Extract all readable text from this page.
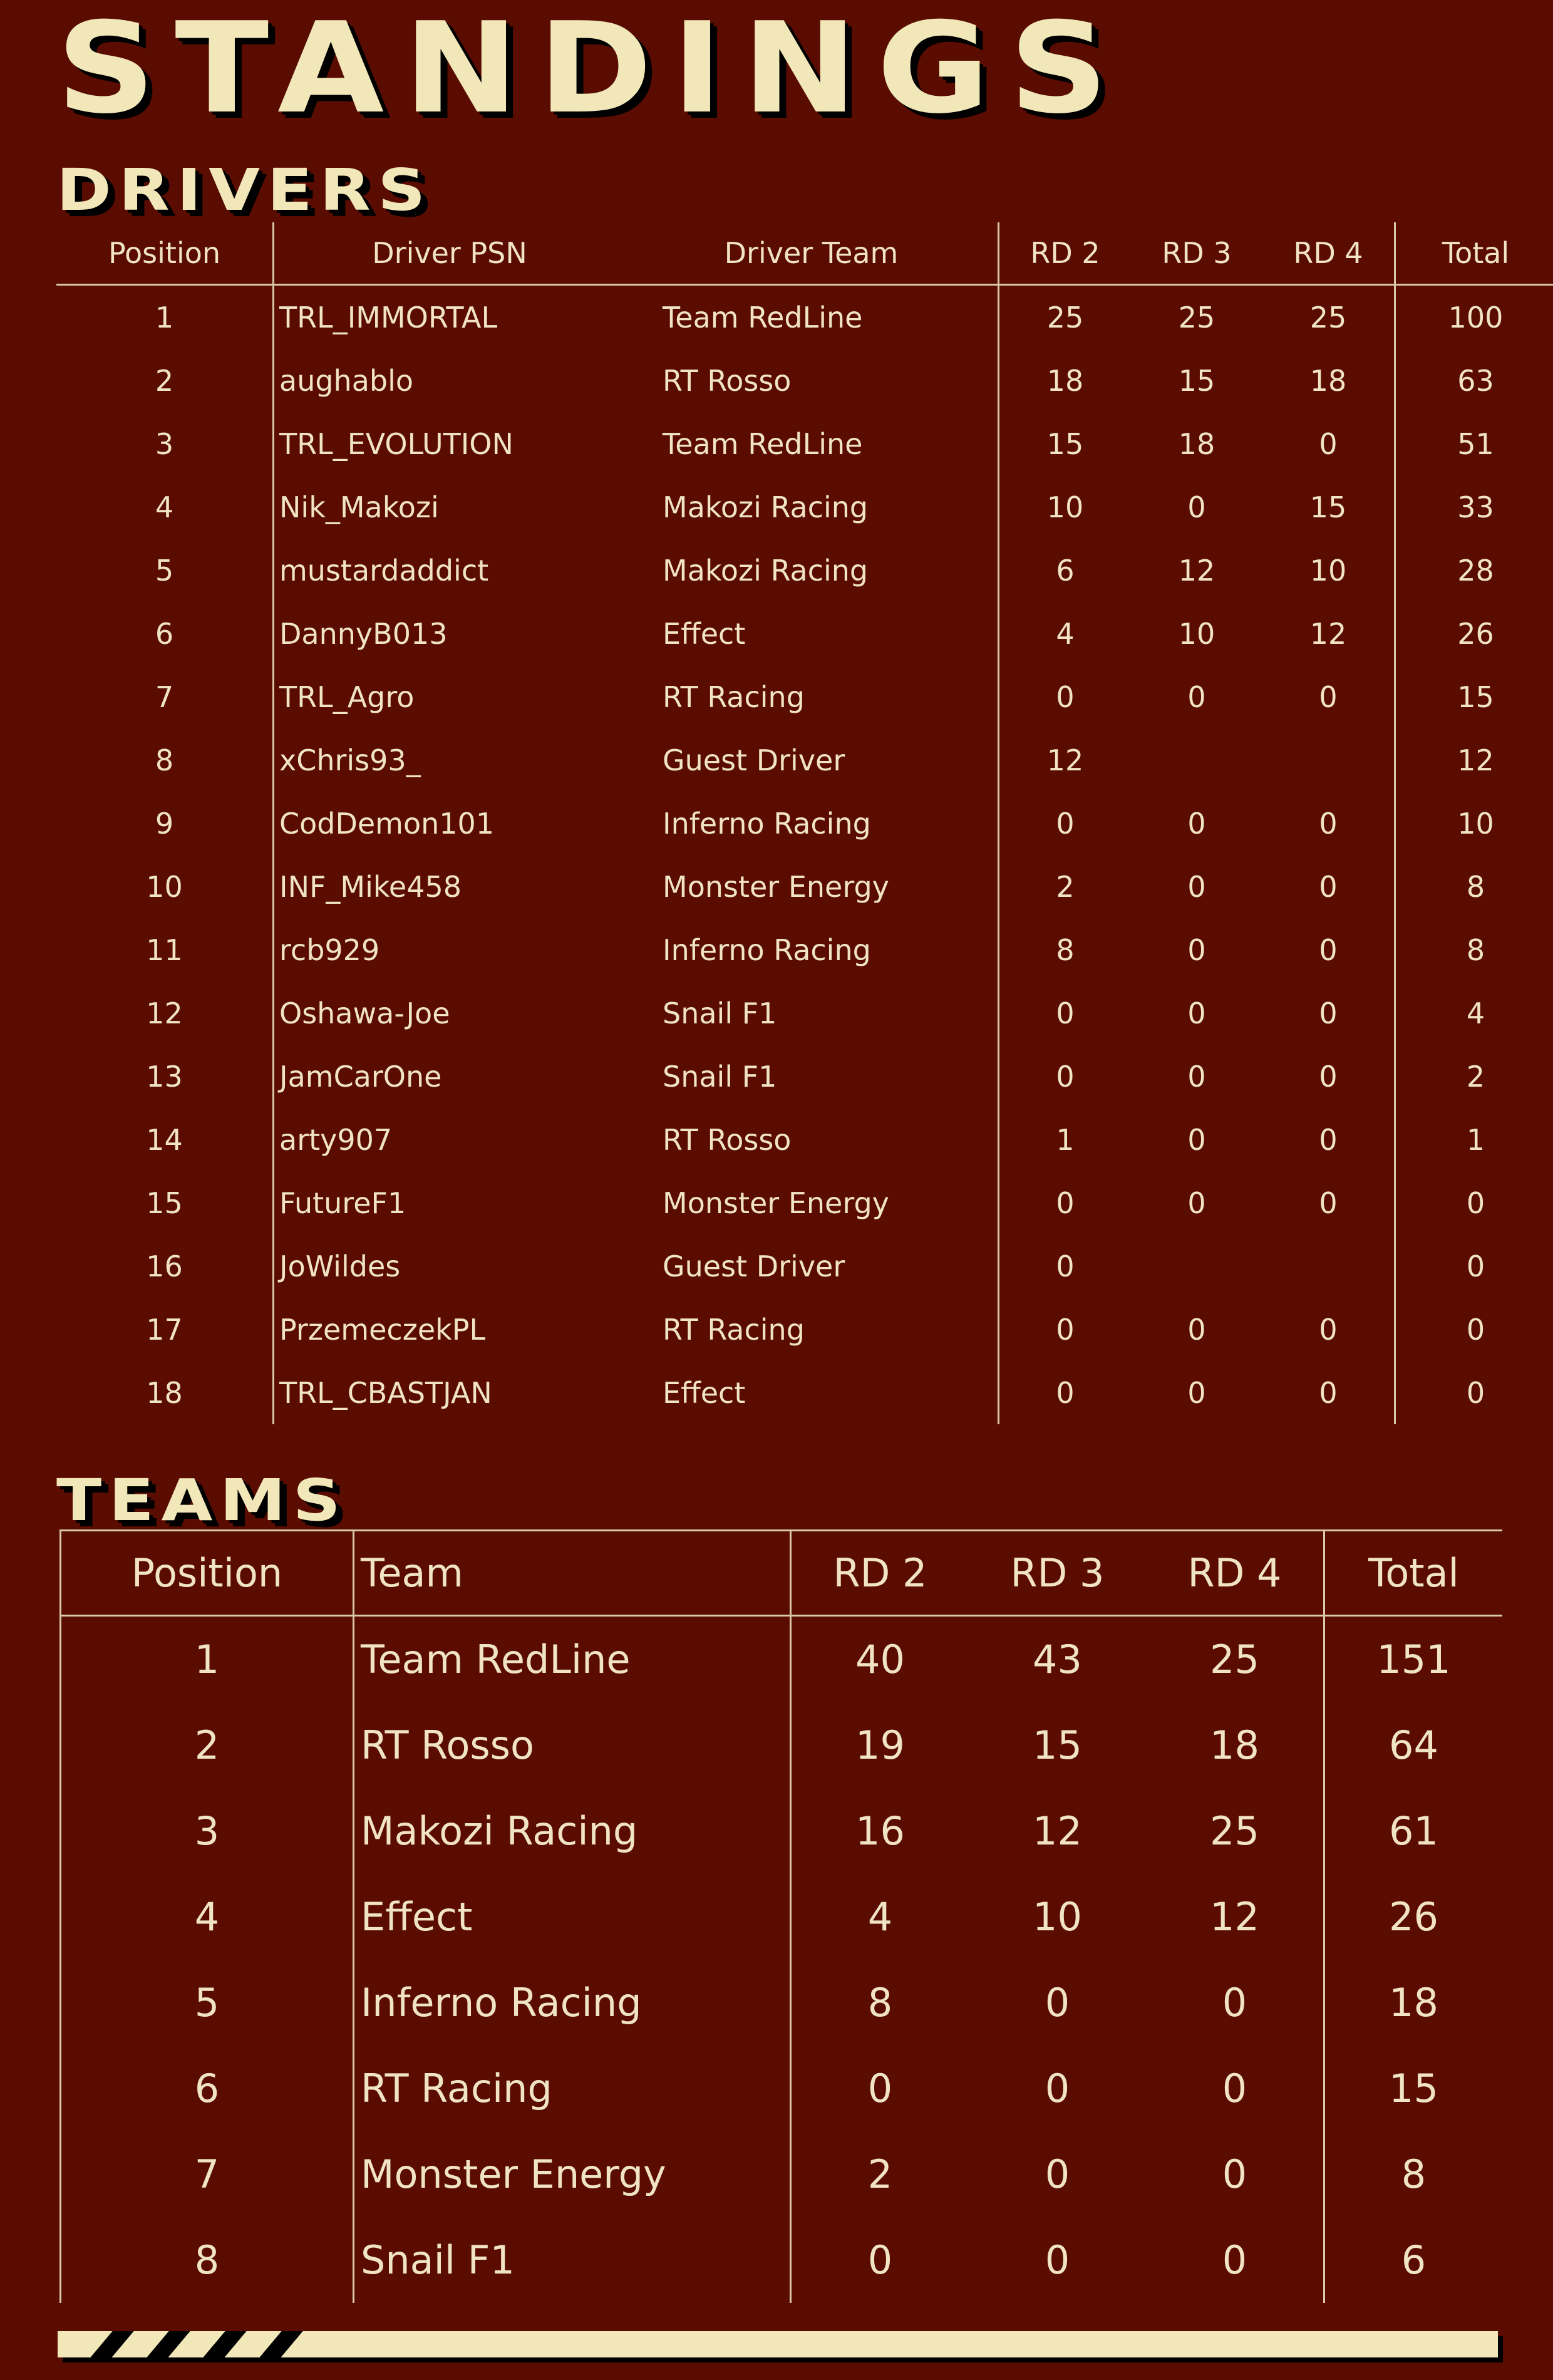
STANDINGS
DRIVERS
Position	Driver PSN	Driver Team	RD 2	RD 3	RD 4	Total
1	TRL_IMMORTAL	Team RedLine	25	25	25	100
2	aughablo	RT Rosso	18	15	18	63
3	TRL_EVOLUTION	Team RedLine	15	18	0	51
4	Nik_Makozi	Makozi Racing	10	0	15	33
5	mustardaddict	Makozi Racing	6	12	10	28
6	DannyB013	Effect	4	10	12	26
7	TRL_Agro	RT Racing	0	0	0	15
8	xChris93_	Guest Driver	12			12
9	CodDemon101	Inferno Racing	0	0	0	10
10	INF_Mike458	Monster Energy	2	0	0	8
11	rcb929	Inferno Racing	8	0	0	8
12	Oshawa-Joe	Snail F1	0	0	0	4
13	JamCarOne	Snail F1	0	0	0	2
14	arty907	RT Rosso	1	0	0	1
15	FutureF1	Monster Energy	0	0	0	0
16	JoWildes	Guest Driver	0			0
17	PrzemeczekPL	RT Racing	0	0	0	0
18	TRL_CBASTJAN	Effect	0	0	0	0
TEAMS
Position	Team	RD 2	RD 3	RD 4	Total
1	Team RedLine	40	43	25	151
2	RT Rosso	19	15	18	64
3	Makozi Racing	16	12	25	61
4	Effect	4	10	12	26
5	Inferno Racing	8	0	0	18
6	RT Racing	0	0	0	15
7	Monster Energy	2	0	0	8
8	Snail F1	0	0	0	6
